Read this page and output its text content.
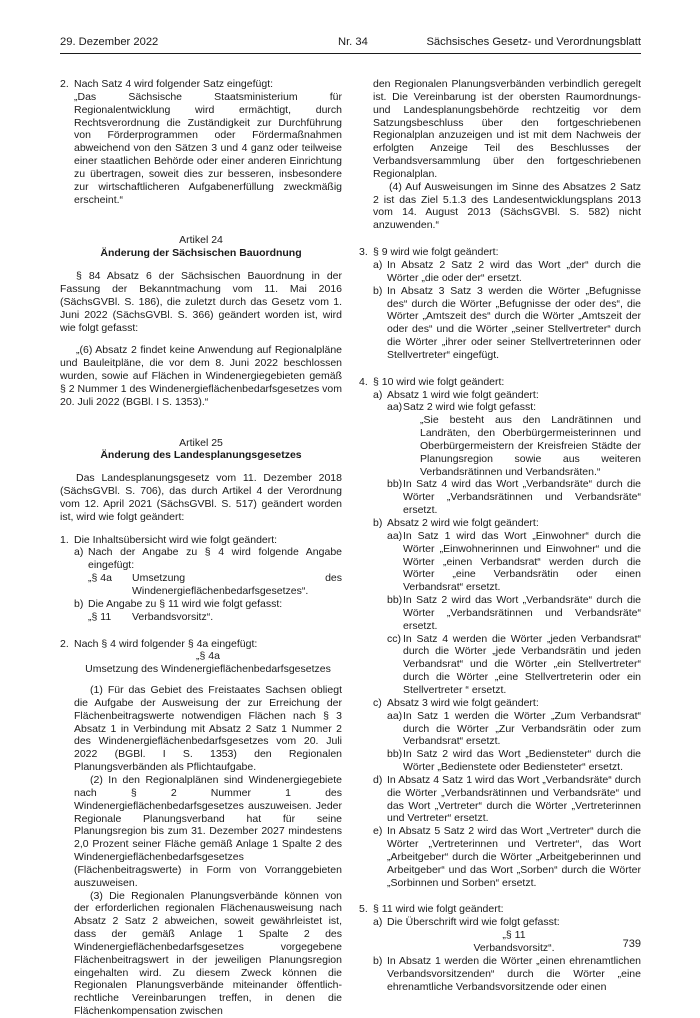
29. Dezember 2022	Nr. 34	Sächsisches Gesetz- und Verordnungsblatt
2. Nach Satz 4 wird folgender Satz eingefügt:
„Das Sächsische Staatsministerium für Regionalentwicklung wird ermächtigt, durch Rechtsverordnung die Zuständigkeit zur Durchführung von Förderprogrammen oder Fördermaßnahmen abweichend von den Sätzen 3 und 4 ganz oder teilweise einer staatlichen Behörde oder einer anderen Einrichtung zu übertragen, soweit dies zur besseren, insbesondere zur wirtschaftlicheren Aufgabenerfüllung zweckmäßig erscheint.“
Artikel 24
Änderung der Sächsischen Bauordnung
§ 84 Absatz 6 der Sächsischen Bauordnung in der Fassung der Bekanntmachung vom 11. Mai 2016 (SächsGVBl. S. 186), die zuletzt durch das Gesetz vom 1. Juni 2022 (SächsGVBl. S. 366) geändert worden ist, wird wie folgt gefasst:
„(6) Absatz 2 findet keine Anwendung auf Regionalpläne und Bauleitpläne, die vor dem 8. Juni 2022 beschlossen wurden, sowie auf Flächen in Windenergiegebieten gemäß § 2 Nummer 1 des Windenergieflächenbedarfsgesetzes vom 20. Juli 2022 (BGBl. I S. 1353).“
Artikel 25
Änderung des Landesplanungsgesetzes
Das Landesplanungsgesetz vom 11. Dezember 2018 (SächsGVBl. S. 706), das durch Artikel 4 der Verordnung vom 12. April 2021 (SächsGVBl. S. 517) geändert worden ist, wird wie folgt geändert:
1. Die Inhaltsübersicht wird wie folgt geändert:
a) Nach der Angabe zu § 4 wird folgende Angabe eingefügt:
„§ 4a	Umsetzung des Windenergieflächenbedarfsgesetzes“.
b) Die Angabe zu § 11 wird wie folgt gefasst:
„§ 11	Verbandsvorsitz“.
2. Nach § 4 wird folgender § 4a eingefügt:
„§ 4a
Umsetzung des Windenergieflächenbedarfsgesetzes
(1) Für das Gebiet des Freistaates Sachsen obliegt die Aufgabe der Ausweisung der zur Erreichung der Flächenbeitragswerte notwendigen Flächen nach § 3 Absatz 1 in Verbindung mit Absatz 2 Satz 1 Nummer 2 des Windenergieflächenbedarfsgesetzes vom 20. Juli 2022 (BGBl. I S. 1353) den Regionalen Planungsverbänden als Pflichtaufgabe.
(2) In den Regionalplänen sind Windenergiegebiete nach § 2 Nummer 1 des Windenergieflächenbedarfsgesetzes auszuweisen. Jeder Regionale Planungsverband hat für seine Planungsregion bis zum 31. Dezember 2027 mindestens 2,0 Prozent seiner Fläche gemäß Anlage 1 Spalte 2 des Windenergieflächenbedarfsgesetzes (Flächenbeitragswerte) in Form von Vorranggebieten auszuweisen.
(3) Die Regionalen Planungsverbände können von der erforderlichen regionalen Flächenausweisung nach Absatz 2 Satz 2 abweichen, soweit gewährleistet ist, dass der gemäß Anlage 1 Spalte 2 des Windenergieflächenbedarfsgesetzes vorgegebene Flächenbeitragswert in der jeweiligen Planungsregion eingehalten wird. Zu diesem Zweck können die Regionalen Planungsverbände miteinander öffentlich-rechtliche Vereinbarungen treffen, in denen die Flächenkompensation zwischen
den Regionalen Planungsverbänden verbindlich geregelt ist. Die Vereinbarung ist der obersten Raumordnungs- und Landesplanungsbehörde rechtzeitig vor dem Satzungsbeschluss über den fortgeschriebenen Regionalplan anzuzeigen und ist mit dem Nachweis der erfolgten Anzeige Teil des Beschlusses der Verbandsversammlung über den fortgeschriebenen Regionalplan.
(4) Auf Ausweisungen im Sinne des Absatzes 2 Satz 2 ist das Ziel 5.1.3 des Landesentwicklungsplans 2013 vom 14. August 2013 (SächsGVBl. S. 582) nicht anzuwenden.“
3. § 9 wird wie folgt geändert:
a) In Absatz 2 Satz 2 wird das Wort „der“ durch die Wörter „die oder der“ ersetzt.
b) In Absatz 3 Satz 3 werden die Wörter „Befugnisse des“ durch die Wörter „Befugnisse der oder des“, die Wörter „Amtszeit des“ durch die Wörter „Amtszeit der oder des“ und die Wörter „seiner Stellvertreter“ durch die Wörter „ihrer oder seiner Stellvertreterinnen oder Stellvertreter“ eingefügt.
4. § 10 wird wie folgt geändert:
a) Absatz 1 wird wie folgt geändert:
aa) Satz 2 wird wie folgt gefasst:
„Sie besteht aus den Landrätinnen und Landräten, den Oberbürgermeisterinnen und Oberbürgermeistern der Kreisfreien Städte der Planungsregion sowie aus weiteren Verbandsrätinnen und Verbandsräten.“
bb) In Satz 4 wird das Wort „Verbandsräte“ durch die Wörter „Verbandsrätinnen und Verbandsräte“ ersetzt.
b) Absatz 2 wird wie folgt geändert:
aa) In Satz 1 wird das Wort „Einwohner“ durch die Wörter „Einwohnerinnen und Einwohner“ und die Wörter „einen Verbandsrat“ werden durch die Wörter „eine Verbandsrätin oder einen Verbandsrat“ ersetzt.
bb) In Satz 2 wird das Wort „Verbandsräte“ durch die Wörter „Verbandsrätinnen und Verbandsräte“ ersetzt.
cc) In Satz 4 werden die Wörter „jeden Verbandsrat“ durch die Wörter „jede Verbandsrätin und jeden Verbandsrat“ und die Wörter „ein Stellvertreter“ durch die Wörter „eine Stellvertreterin oder ein Stellvertreter “ ersetzt.
c) Absatz 3 wird wie folgt geändert:
aa) In Satz 1 werden die Wörter „Zum Verbandsrat“ durch die Wörter „Zur Verbandsrätin oder zum Verbandsrat“ ersetzt.
bb) In Satz 2 wird das Wort „Bediensteter“ durch die Wörter „Bedienstete oder Bediensteter“ ersetzt.
d) In Absatz 4 Satz 1 wird das Wort „Verbandsräte“ durch die Wörter „Verbandsrätinnen und Verbandsräte“ und das Wort „Vertreter“ durch die Wörter „Vertreterinnen und Vertreter“ ersetzt.
e) In Absatz 5 Satz 2 wird das Wort „Vertreter“ durch die Wörter „Vertreterinnen und Vertreter“, das Wort „Arbeitgeber“ durch die Wörter „Arbeitgeberinnen und Arbeitgeber“ und das Wort „Sorben“ durch die Wörter „Sorbinnen und Sorben“ ersetzt.
5. § 11 wird wie folgt geändert:
a) Die Überschrift wird wie folgt gefasst:
„§ 11
Verbandsvorsitz“.
b) In Absatz 1 werden die Wörter „einen ehrenamtlichen Verbandsvorsitzenden“ durch die Wörter „eine ehrenamtliche Verbandsvorsitzende oder einen
739
